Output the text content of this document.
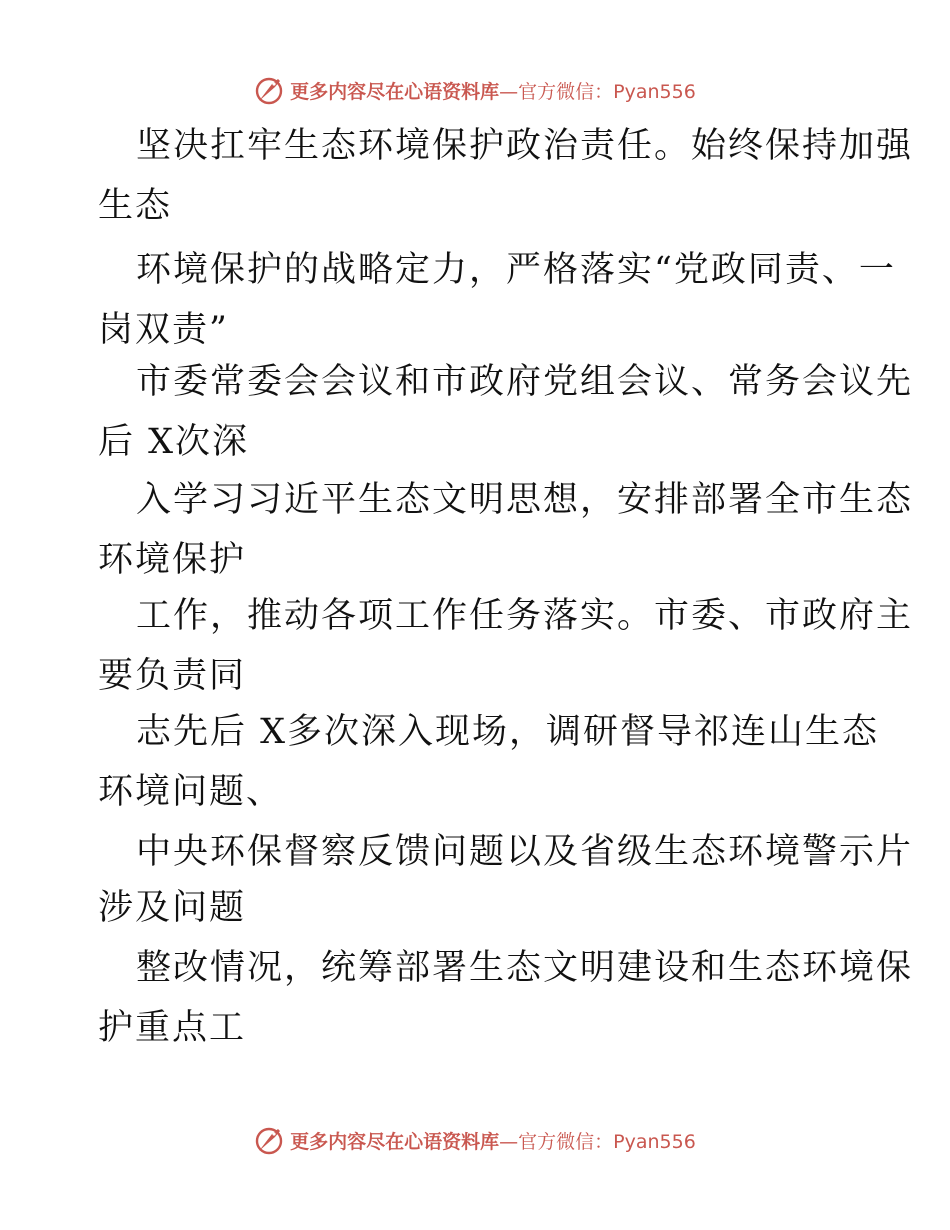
更多内容尽在心语资料库—官方微信：Pyan556
坚决扛牢生态环境保护政治责任。始终保持加强
生态
环境保护的战略定力，严格落实“党政同责、一
岗双责”
市委常委会会议和市政府党组会议、常务会议先
后 X次深
入学习习近平生态文明思想，安排部署全市生态
环境保护
工作，推动各项工作任务落实。市委、市政府主
要负责同
志先后 X多次深入现场，调研督导祁连山生态
环境问题、
中央环保督察反馈问题以及省级生态环境警示片
涉及问题
整改情况，统筹部署生态文明建设和生态环境保
护重点工
更多内容尽在心语资料库—官方微信：Pyan556
